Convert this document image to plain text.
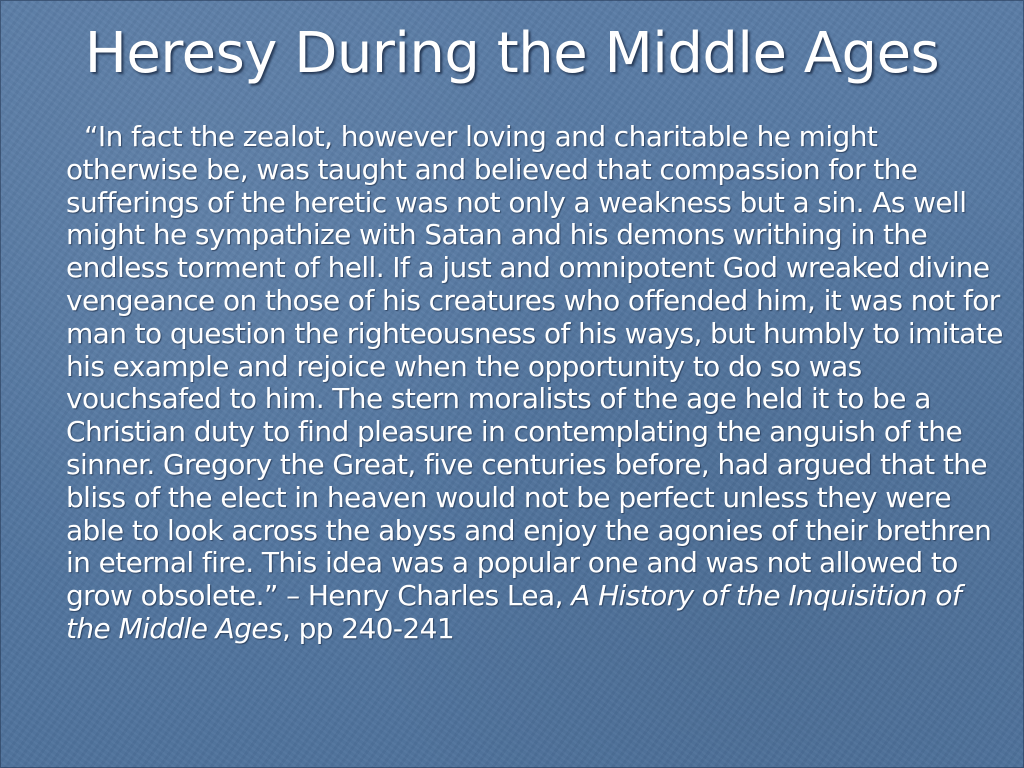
Heresy During the Middle Ages

“In fact the zealot, however loving and charitable he might otherwise be, was taught and believed that compassion for the sufferings of the heretic was not only a weakness but a sin. As well might he sympathize with Satan and his demons writhing in the endless torment of hell. If a just and omnipotent God wreaked divine vengeance on those of his creatures who offended him, it was not for man to question the righteousness of his ways, but humbly to imitate his example and rejoice when the opportunity to do so was vouchsafed to him. The stern moralists of the age held it to be a Christian duty to find pleasure in contemplating the anguish of the sinner. Gregory the Great, five centuries before, had argued that the bliss of the elect in heaven would not be perfect unless they were able to look across the abyss and enjoy the agonies of their brethren in eternal fire. This idea was a popular one and was not allowed to grow obsolete.” – Henry Charles Lea, A History of the Inquisition of the Middle Ages, pp 240-241
